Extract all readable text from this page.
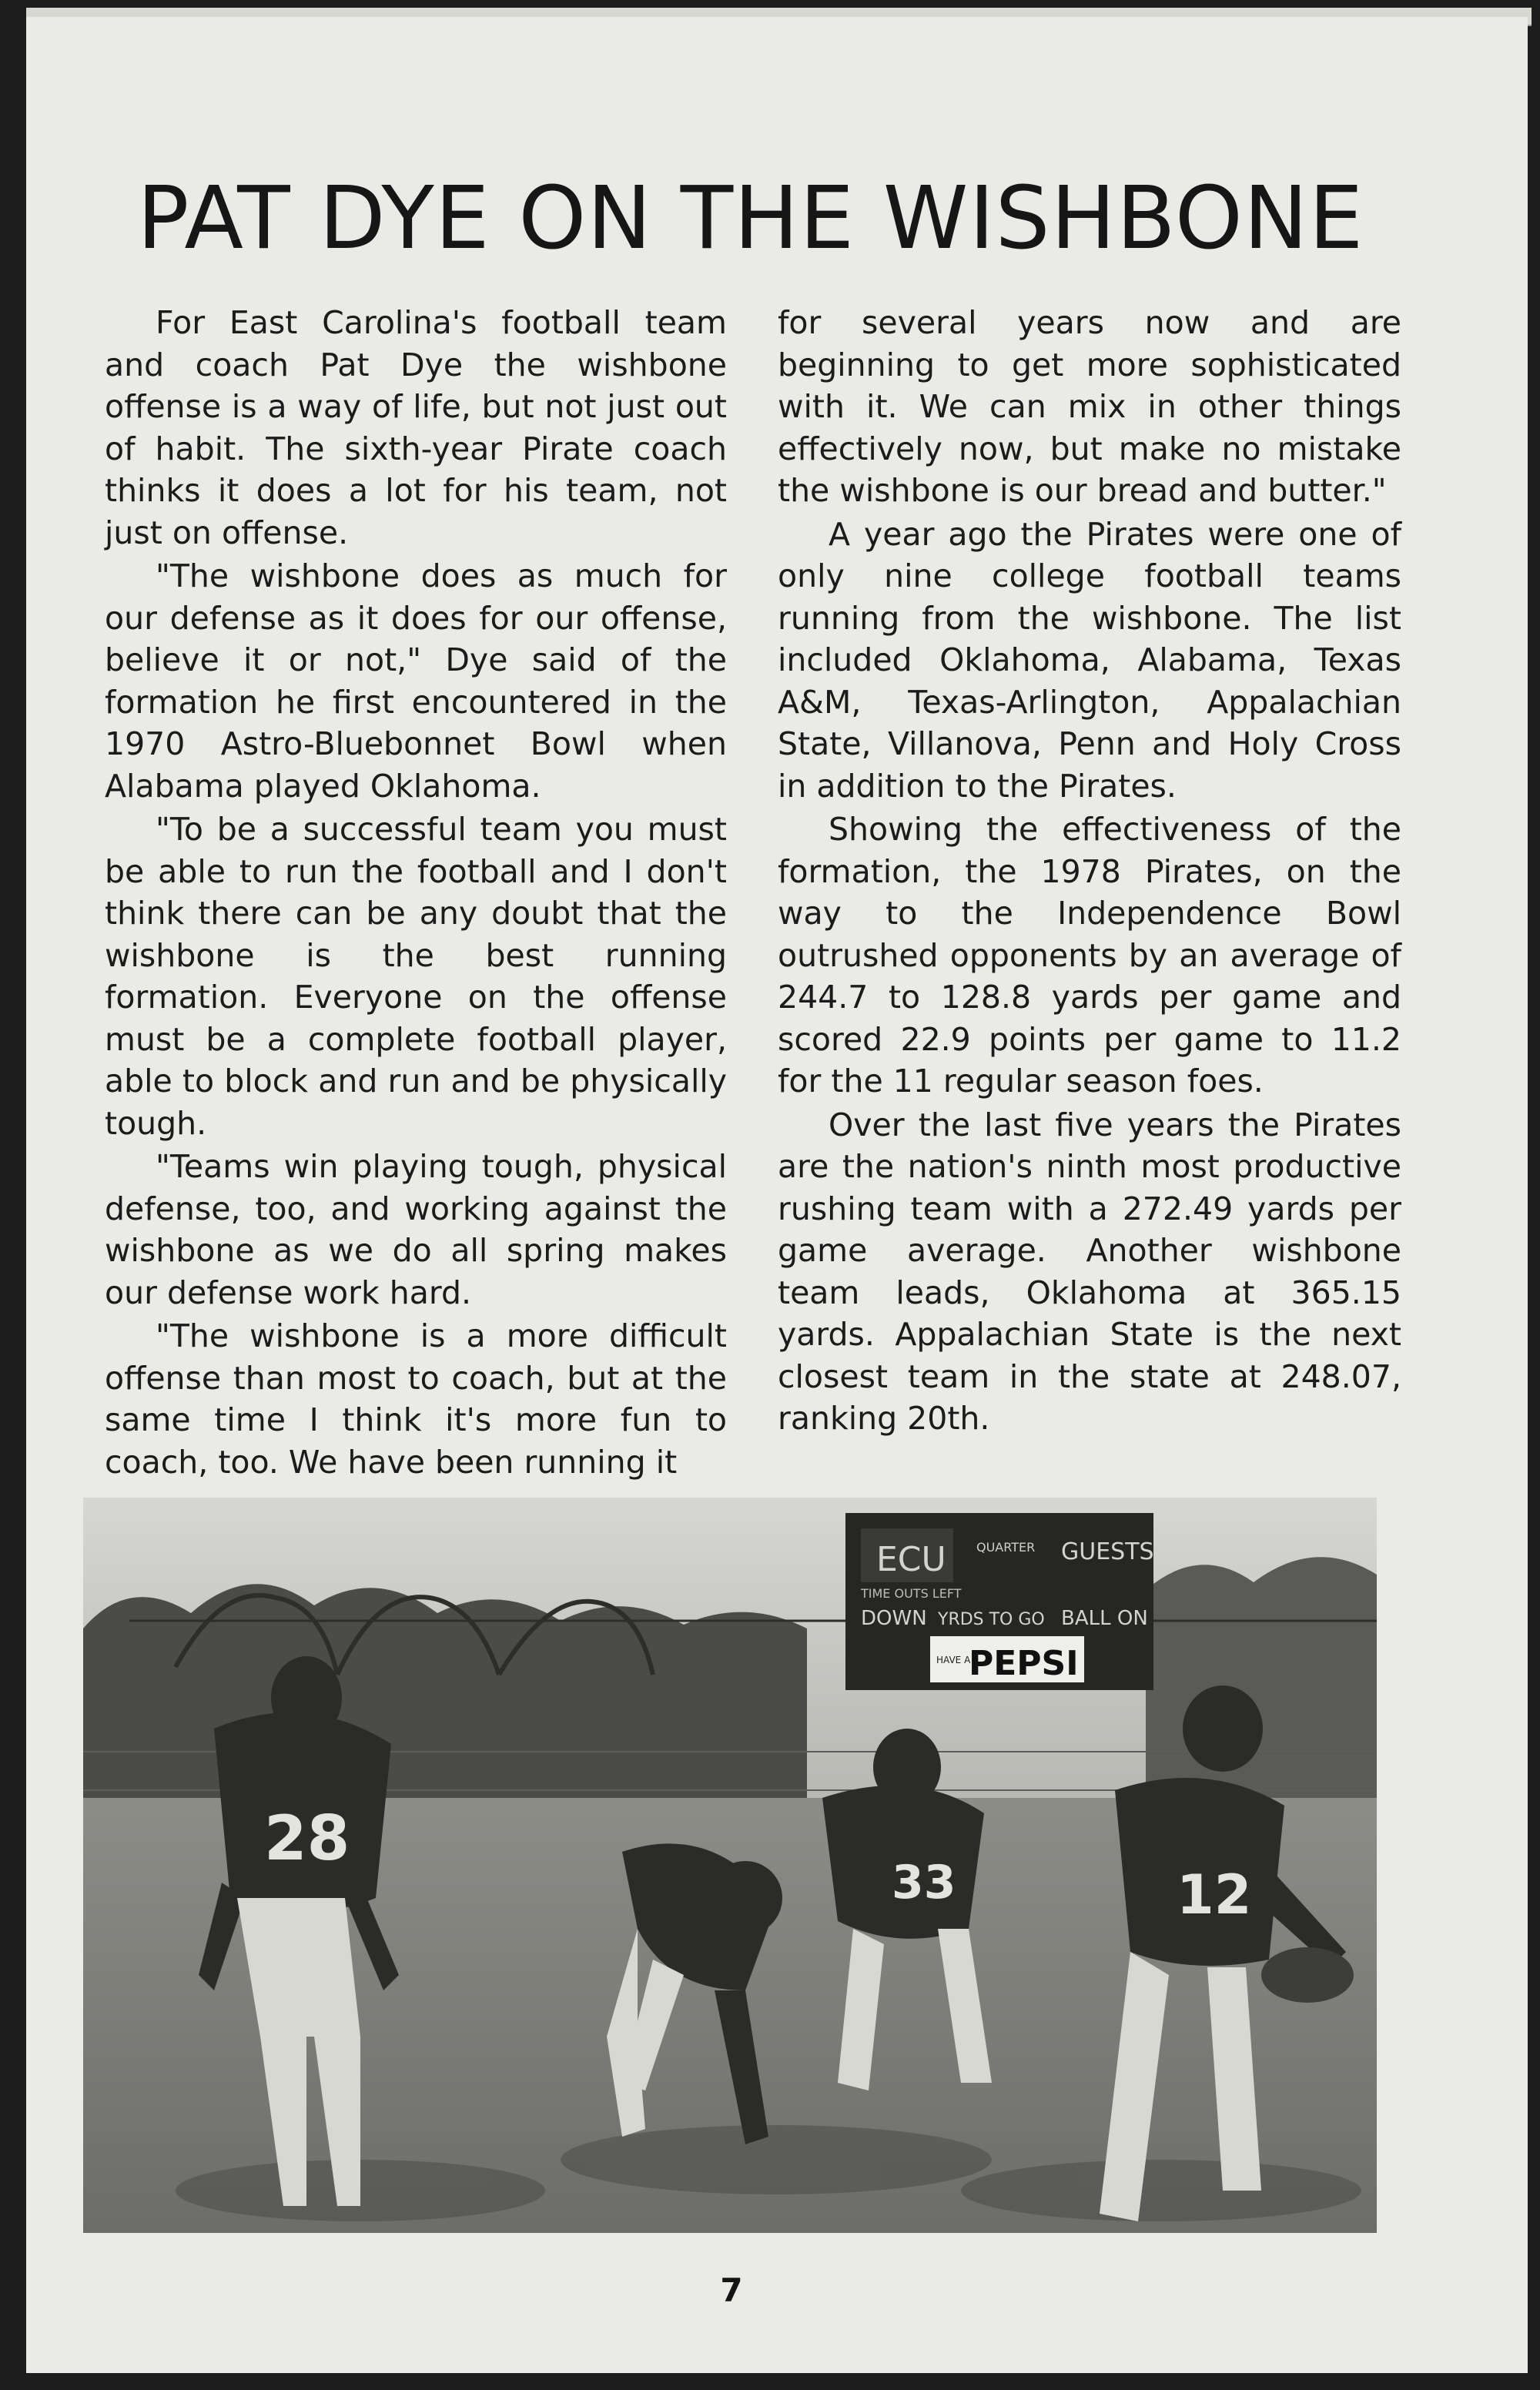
PAT DYE ON THE WISHBONE

For East Carolina's football team and coach Pat Dye the wishbone offense is a way of life, but not just out of habit. The sixth-year Pirate coach thinks it does a lot for his team, not just on offense.

"The wishbone does as much for our defense as it does for our offense, believe it or not," Dye said of the formation he first encountered in the 1970 Astro-Bluebonnet Bowl when Alabama played Oklahoma.

"To be a successful team you must be able to run the football and I don't think there can be any doubt that the wishbone is the best running formation. Everyone on the offense must be a complete football player, able to block and run and be physically tough.

"Teams win playing tough, physical defense, too, and working against the wishbone as we do all spring makes our defense work hard.

"The wishbone is a more difficult offense than most to coach, but at the same time I think it's more fun to coach, too. We have been running it

for several years now and are beginning to get more sophisticated with it. We can mix in other things effectively now, but make no mistake the wishbone is our bread and butter."

A year ago the Pirates were one of only nine college football teams running from the wishbone. The list included Oklahoma, Alabama, Texas A&M, Texas-Arlington, Appalachian State, Villanova, Penn and Holy Cross in addition to the Pirates.

Showing the effectiveness of the formation, the 1978 Pirates, on the way to the Independence Bowl outrushed opponents by an average of 244.7 to 128.8 yards per game and scored 22.9 points per game to 11.2 for the 11 regular season foes.

Over the last five years the Pirates are the nation's ninth most productive rushing team with a 272.49 yards per game average. Another wishbone team leads, Oklahoma at 365.15 yards. Appalachian State is the next closest team in the state at 248.07, ranking 20th.

ECU QUARTER GUESTS
TIME OUTS LEFT
DOWN YRDS TO GO BALL ON
HAVE A
PEPSI
28
33	12
7
